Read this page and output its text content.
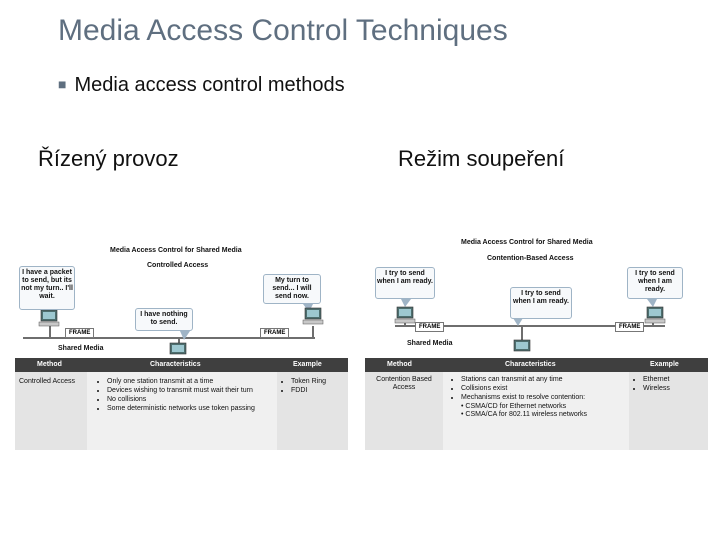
Media Access Control Techniques
■ Media access control methods
Řízený provoz	Režim soupeření
Media Access Control for Shared Media
Controlled Access
I have a packet to send, but its not my turn.. I'll wait.
My turn to send... I will send now.
I have nothing to send.
FRAME	FRAME
Shared Media
Method	Characteristics	Example
Controlled Access
•	Only one station transmit at a time
• Devices wishing to transmit must wait their turn
• No collisions
• Some deterministic networks use token passing
• Token Ring
• FDDI
Media Access Control for Shared Media
Contention-Based Access
I try to send when I am ready.
I try to send when I am ready.
I try to send when I am ready.
FRAME	FRAME
Shared Media
Method	Characteristics	Example
Contention Based Access
• Stations can transmit at any time
• Collisions exist
• Mechanisms exist to resolve contention:
• CSMA/CD for Ethernet networks
• CSMA/CA for 802.11 wireless networks
• Ethernet
• Wireless
